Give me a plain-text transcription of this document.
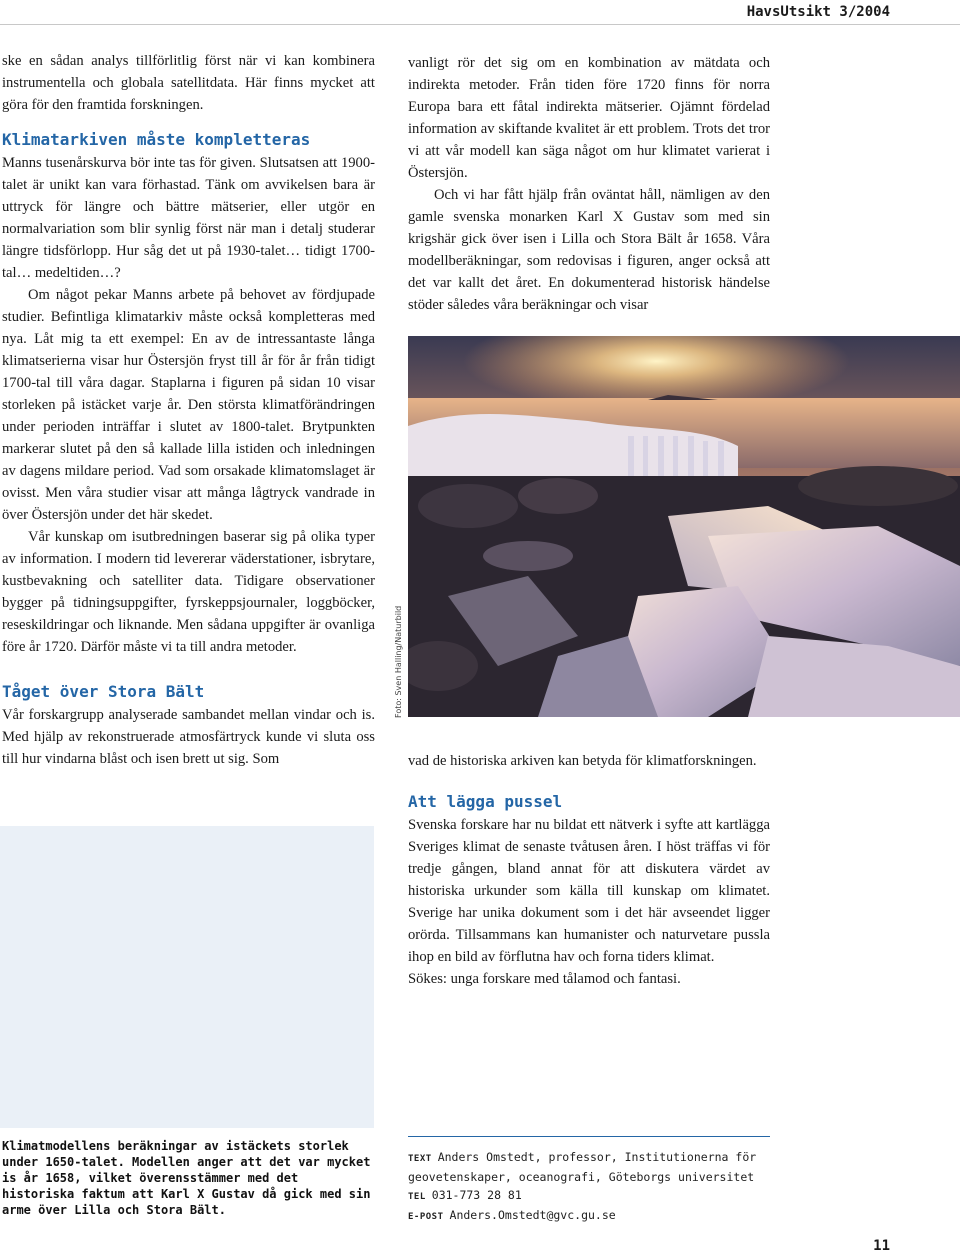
HavsUtsikt 3/2004

ske en sådan analys tillförlitlig först när vi kan kombinera instrumentella och globala satellitdata. Här finns mycket att göra för den framtida forskningen.

Klimatarkiven måste kompletteras

Manns tusenårskurva bör inte tas för given. Slutsatsen att 1900-talet är unikt kan vara förhastad. Tänk om avvikelsen bara är uttryck för längre och bättre mätserier, eller utgör en normalvariation som blir synlig först när man i detalj studerar längre tidsförlopp. Hur såg det ut på 1930-talet… tidigt 1700-tal… medeltiden…?

Om något pekar Manns arbete på behovet av fördjupade studier. Befintliga klimatarkiv måste också kompletteras med nya. Låt mig ta ett exempel: En av de intressantaste långa klimatserierna visar hur Östersjön fryst till år för år från tidigt 1700-tal till våra dagar. Staplarna i figuren på sidan 10 visar storleken på istäcket varje år. Den största klimatförändringen under perioden inträffar i slutet av 1800-talet. Brytpunkten markerar slutet på den så kallade lilla istiden och inledningen av dagens mildare period. Vad som orsakade klimatomslaget är ovisst. Men våra studier visar att många lågtryck vandrade in över Östersjön under det här skedet.

Vår kunskap om isutbredningen baserar sig på olika typer av information. I modern tid levererar väderstationer, isbrytare, kustbevakning och satelliter data. Tidigare observationer bygger på tidningsuppgifter, fyrskeppsjournaler, loggböcker, reseskildringar och liknande. Men sådana uppgifter är ovanliga före år 1720. Därför måste vi ta till andra metoder.

Tåget över Stora Bält

Vår forskargrupp analyserade sambandet mellan vindar och is. Med hjälp av rekonstruerade atmosfärtryck kunde vi sluta oss till hur vindarna blåst och isen brett ut sig. Som

vanligt rör det sig om en kombination av mätdata och indirekta metoder. Från tiden före 1720 finns för norra Europa bara ett fåtal indirekta mätserier. Ojämnt fördelad information av skiftande kvalitet är ett problem. Trots det tror vi att vår modell kan säga något om hur klimatet varierat i Östersjön.

Och vi har fått hjälp från oväntat håll, nämligen av den gamle svenska monarken Karl X Gustav som med sin krigshär gick över isen i Lilla och Stora Bält år 1658. Våra modellberäkningar, som redovisas i figuren, anger också att det var kallt det året. En dokumenterad historisk händelse stöder således våra beräkningar och visar

Foto: Sven Halling/Naturbild

vad de historiska arkiven kan betyda för klimatforskningen.

Att lägga pussel

Svenska forskare har nu bildat ett nätverk i syfte att kartlägga Sveriges klimat de senaste tvåtusen åren. I höst träffas vi för tredje gången, bland annat för att diskutera värdet av historiska urkunder som källa till kunskap om klimatet. Sverige har unika dokument som i det här avseendet ligger orörda. Tillsammans kan humanister och naturvetare pussla ihop en bild av förflutna hav och forna tiders klimat.

Sökes: unga forskare med tålamod och fantasi.

Klimatmodellens beräkningar av istäckets storlek under 1650-talet. Modellen anger att det var mycket is år 1658, vilket överensstämmer med det historiska faktum att Karl X Gustav då gick med sin arme över Lilla och Stora Bält.
TEXT Anders Omstedt, professor, Institutionerna för geovetenskaper, oceanografi, Göteborgs universitet
TEL 031-773 28 81
E-POST Anders.Omstedt@gvc.gu.se
11
